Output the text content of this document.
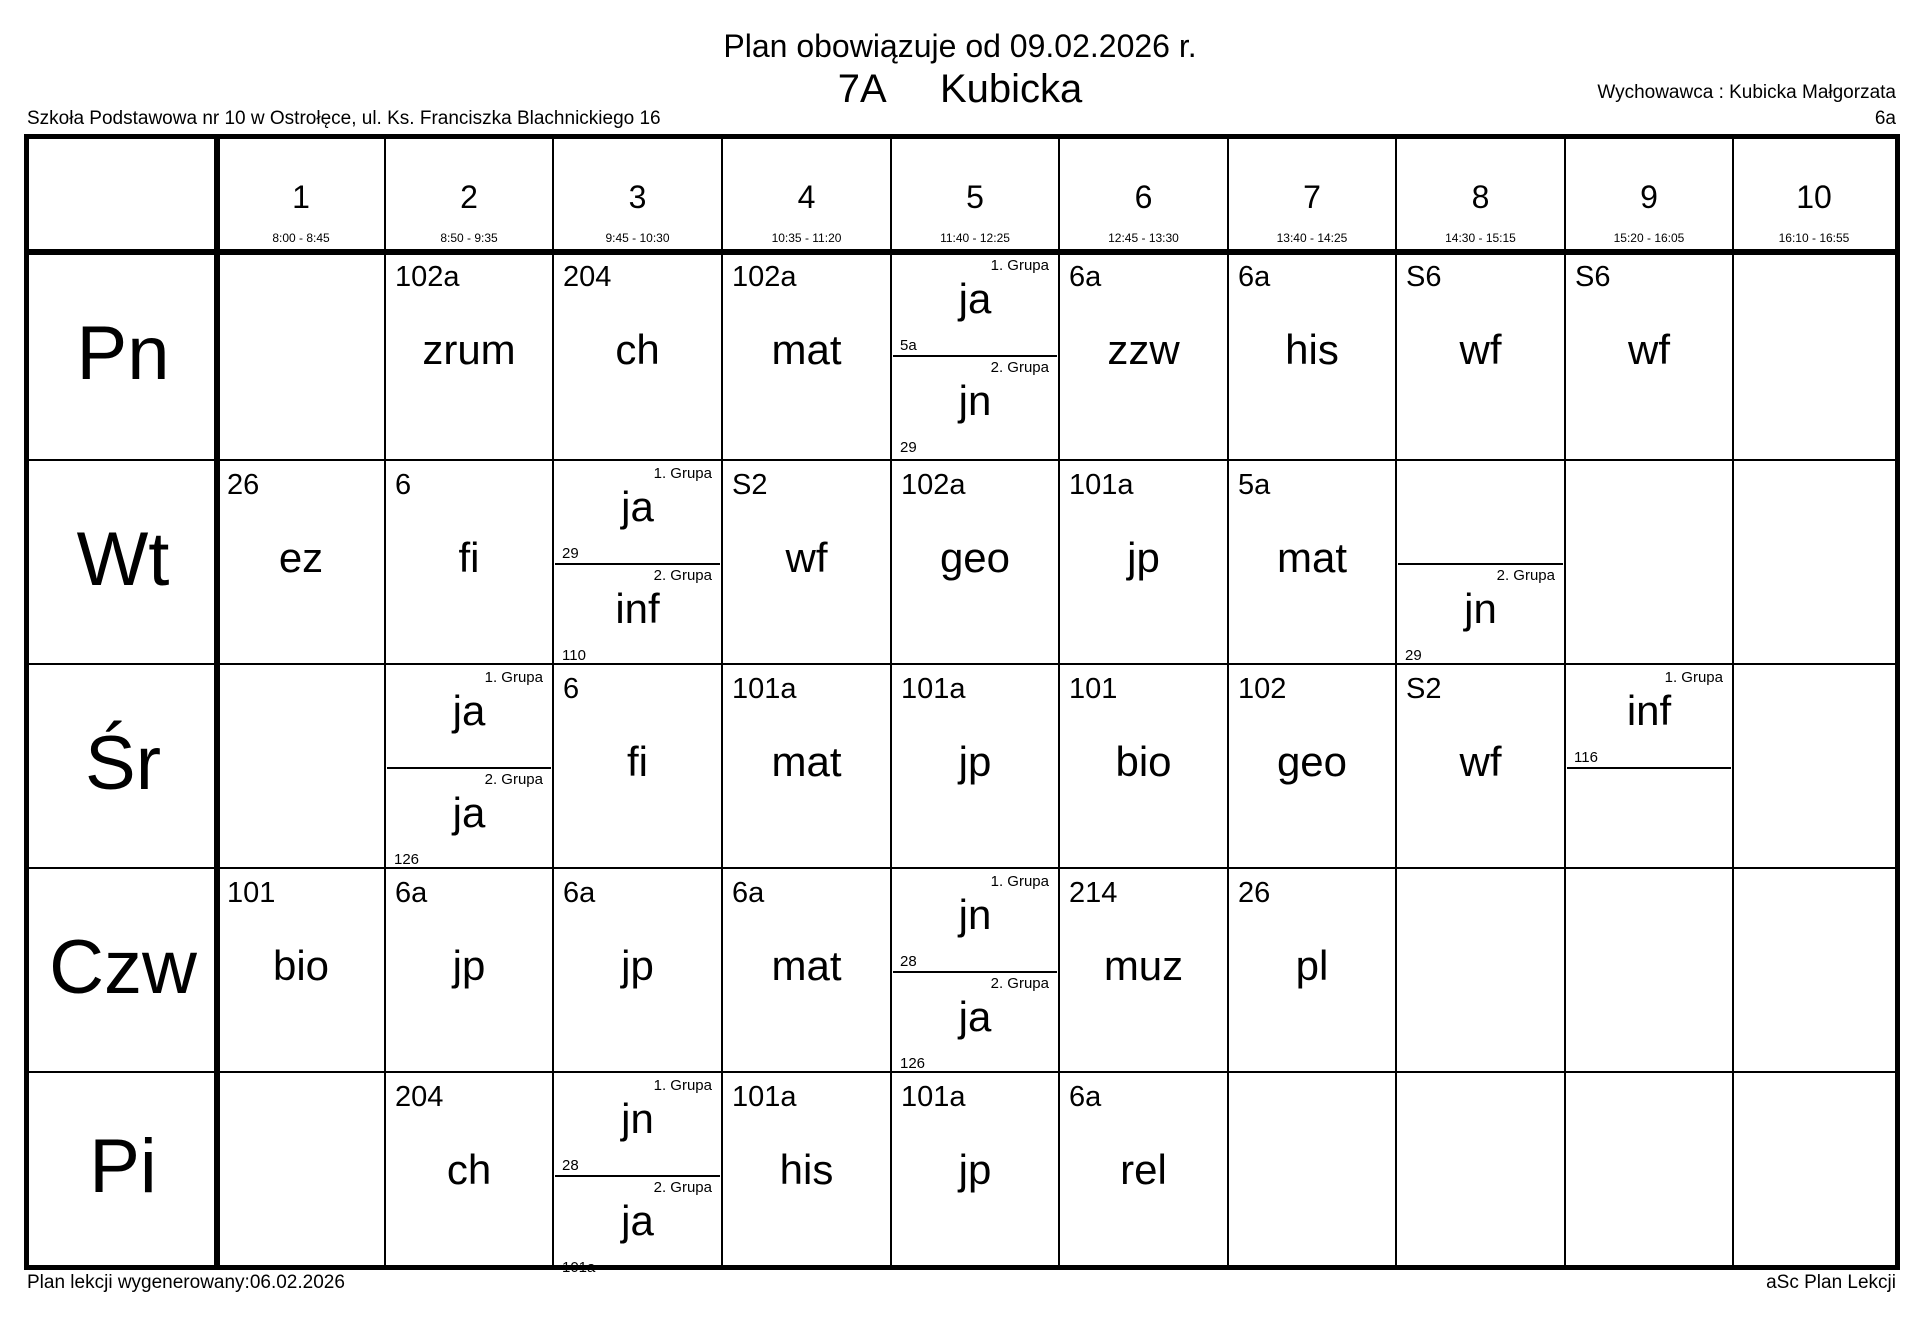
Plan obowiązuje od 09.02.2026 r.
7A     Kubicka
Szkoła Podstawowa nr 10 w Ostrołęce, ul. Ks. Franciszka Blachnickiego 16
Wychowawca : Kubicka Małgorzata
6a
1
8:00 - 8:45
2
8:50 - 9:35
3
9:45 - 10:30
4
10:35 - 11:20
5
11:40 - 12:25
6
12:45 - 13:30
7
13:40 - 14:25
8
14:30 - 15:15
9
15:20 - 16:05
10
16:10 - 16:55
Pn
102a
zrum
204
ch
102a
mat
1. Grupa
ja
5a
2. Grupa
jn
29
6a
zzw
6a
his
S6
wf
S6
wf
Wt
26
ez
6
fi
1. Grupa
ja
29
2. Grupa
inf
110
S2
wf
102a
geo
101a
jp
5a
mat	2. Grupa
jn
29
Śr
1. Grupa
ja
2. Grupa
ja
126
6
fi
101a
mat
101a
jp
101
bio
102
geo
S2
wf
1. Grupa
inf
116
Czw
101
bio
6a
jp
6a
jp
6a
mat
1. Grupa
jn
28
2. Grupa
ja
126
214
muz
26
pl
Pi
204
ch
1. Grupa
jn
28
2. Grupa
ja
101a
101a
his
101a
jp
6a
rel
Plan lekcji wygenerowany:06.02.2026	aSc Plan Lekcji
